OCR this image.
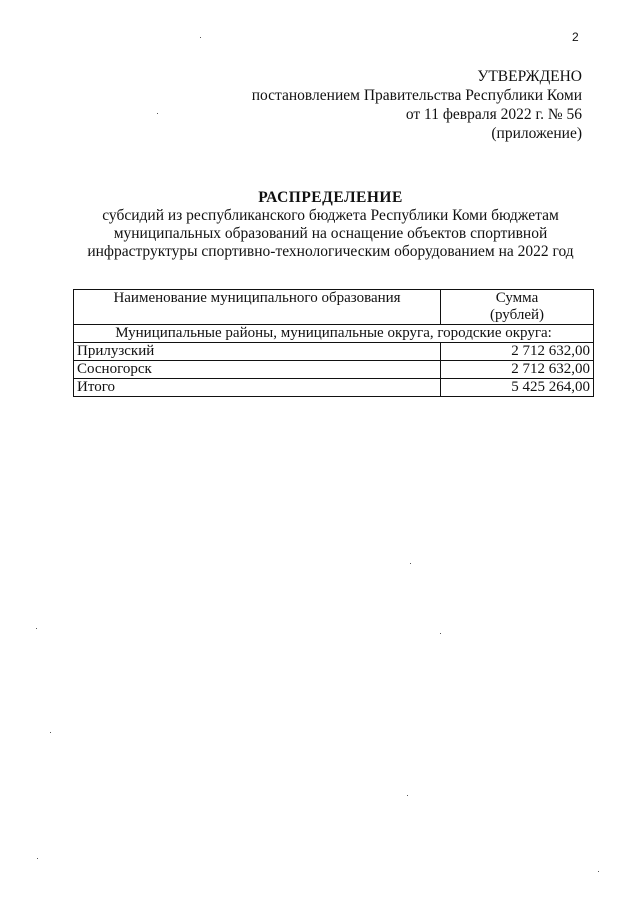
2
УТВЕРЖДЕНО
постановлением Правительства Республики Коми
от 11 февраля 2022 г. № 56
(приложение)
РАСПРЕДЕЛЕНИЕ
субсидий из республиканского бюджета Республики Коми бюджетам
муниципальных образований на оснащение объектов спортивной
инфраструктуры спортивно-технологическим оборудованием на 2022 год
Наименование муниципального образования	Сумма
(рублей)

Муниципальные районы, муниципальные округа, городские округа:	
Прилузский	2 712 632,00
Сосногорск	2 712 632,00
Итого	5 425 264,00
